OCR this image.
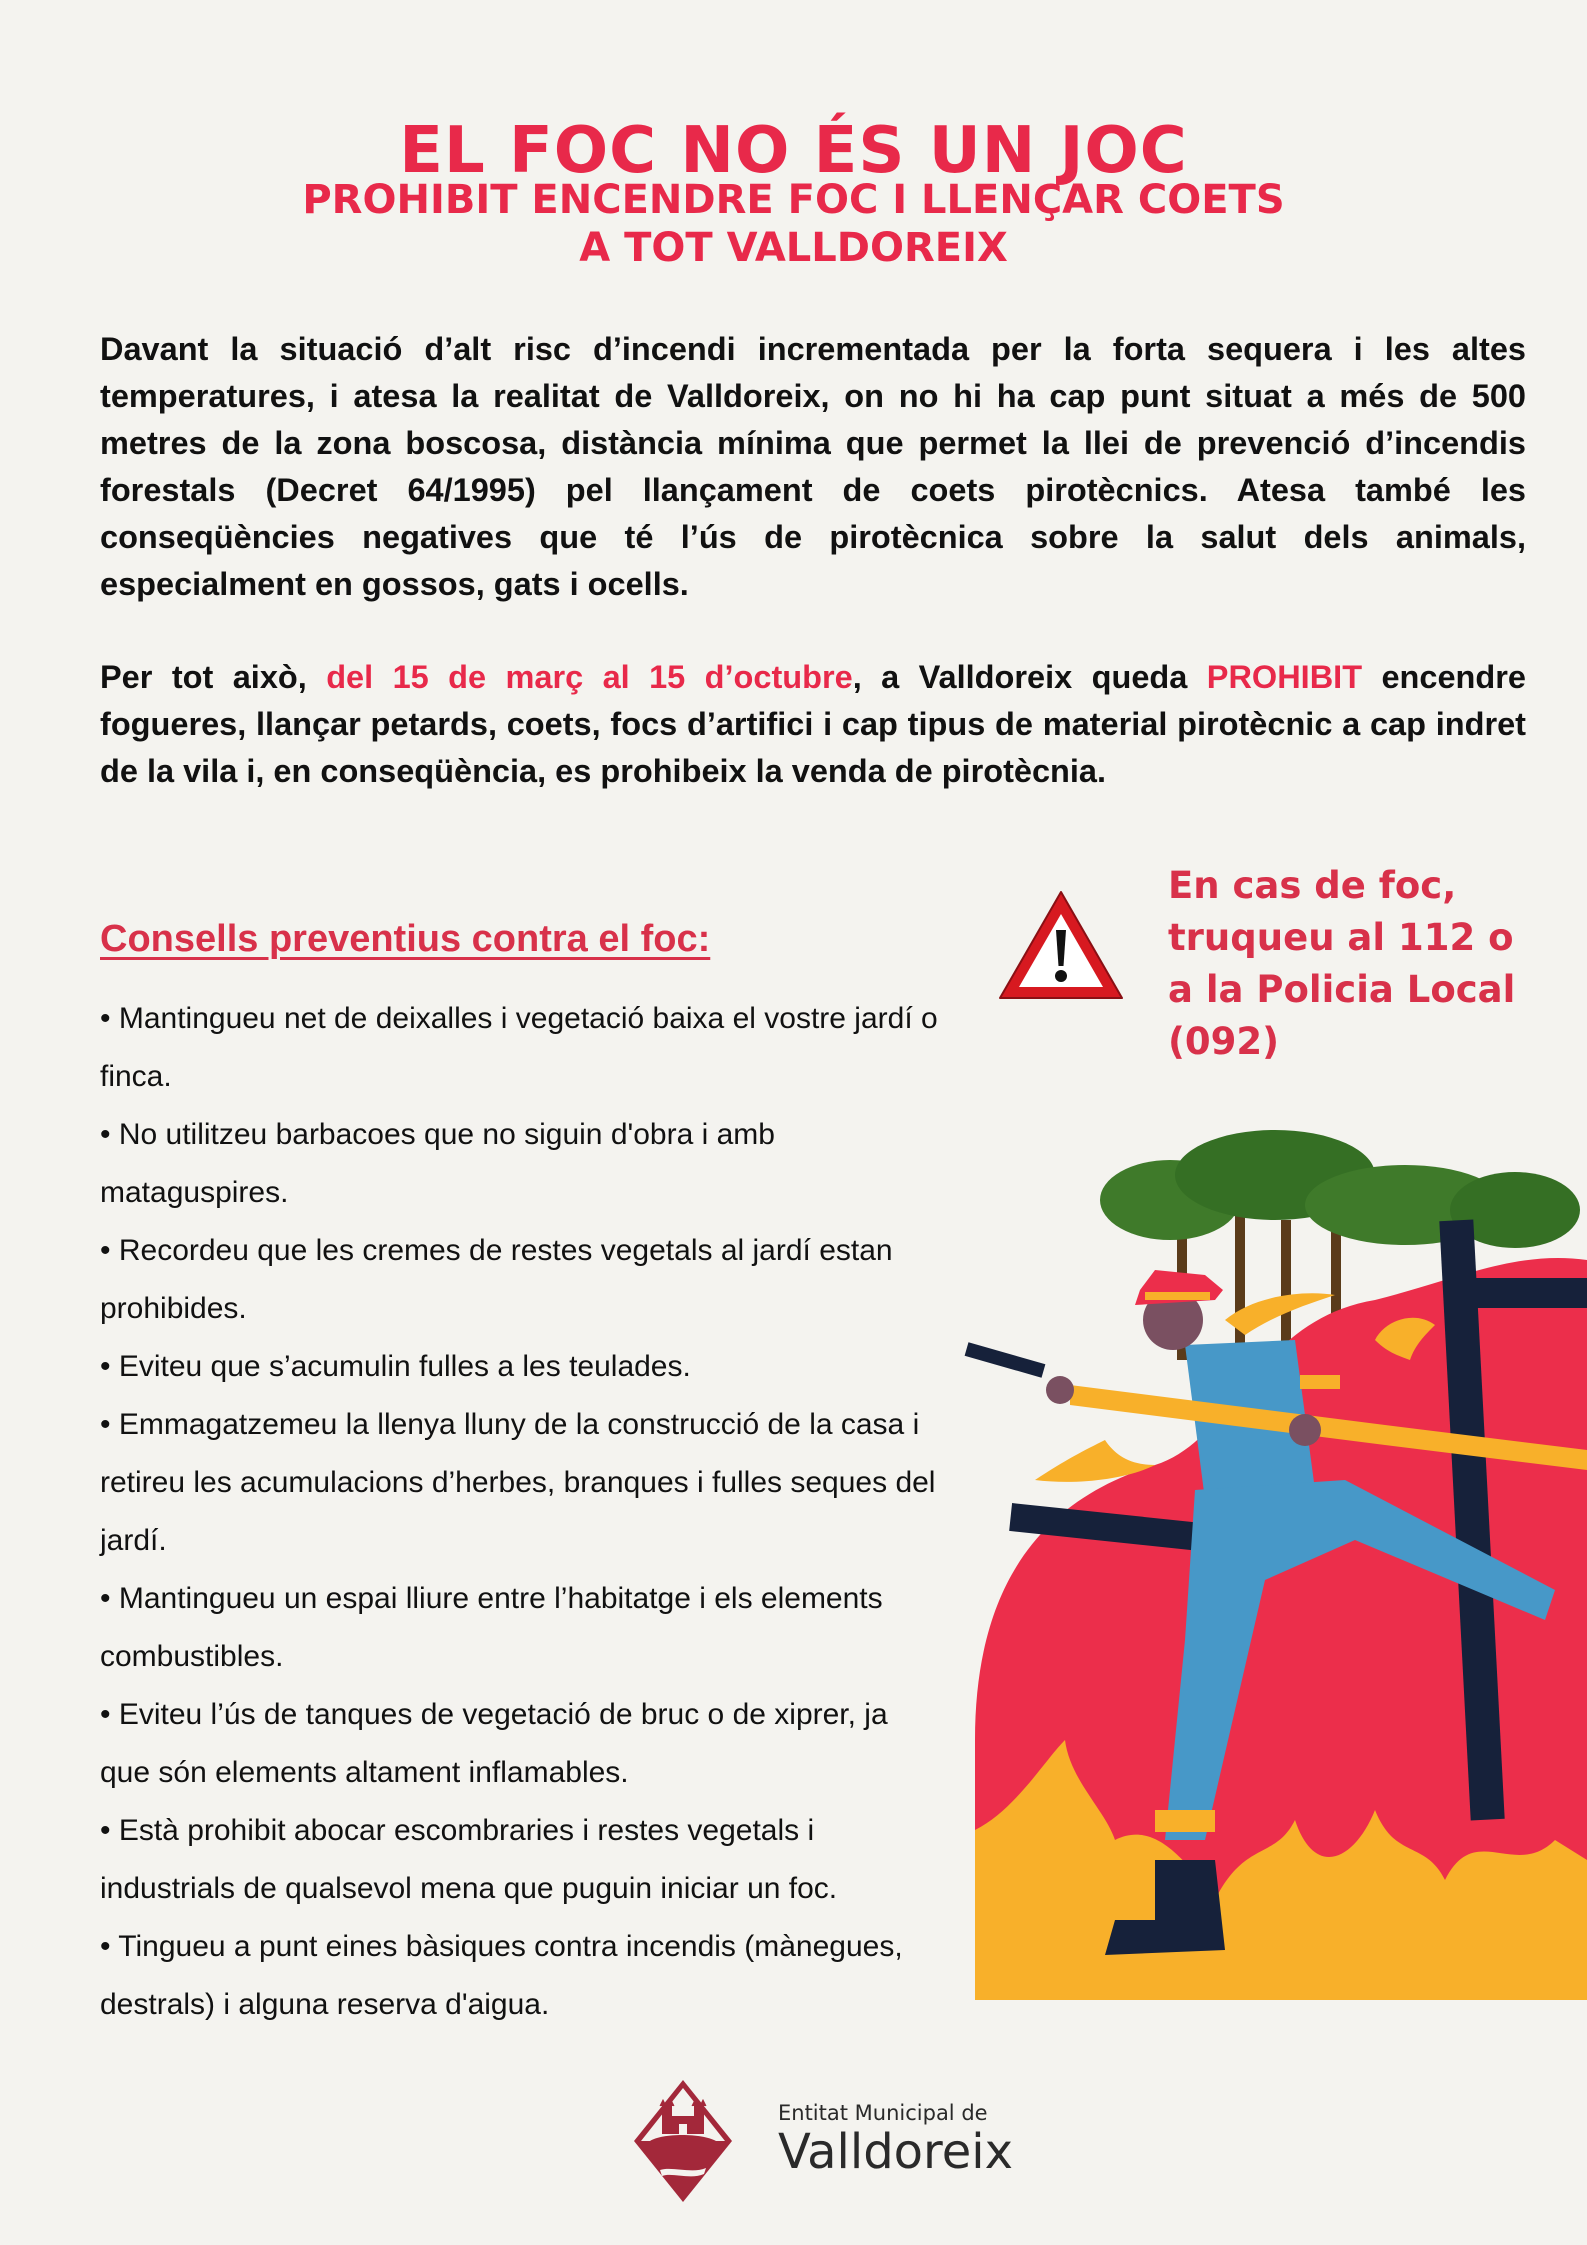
EL FOC NO ÉS UN JOC
PROHIBIT ENCENDRE FOC I LLENÇAR COETS
A TOT VALLDOREIX

Davant la situació d’alt risc d’incendi incrementada per la forta sequera i les altes temperatures, i atesa la realitat de Valldoreix, on no hi ha cap punt situat a més de 500 metres de la zona boscosa, distància mínima que permet la llei de prevenció d’incendis forestals (Decret 64/1995) pel llançament de coets pirotècnics. Atesa també les conseqüències negatives que té l’ús de pirotècnica sobre la salut dels animals, especialment en gossos, gats i ocells.

Per tot això, del 15 de març al 15 d’octubre, a Valldoreix queda PROHIBIT encendre fogueres, llançar petards, coets, focs d’artifici i cap tipus de material pirotècnic a cap indret de la vila i, en conseqüència, es prohibeix la venda de pirotècnia.

Consells preventius contra el foc:
• Mantingueu net de deixalles i vegetació baixa el vostre jardí o finca.
• No utilitzeu barbacoes que no siguin d'obra i amb mataguspires.
• Recordeu que les cremes de restes vegetals al jardí estan prohibides.
• Eviteu que s’acumulin fulles a les teulades.
• Emmagatzemeu la llenya lluny de la construcció de la casa i retireu les acumulacions d’herbes, branques i fulles seques del jardí.
• Mantingueu un espai lliure entre l’habitatge i els elements combustibles.
• Eviteu l’ús de tanques de vegetació de bruc o de xiprer, ja que són elements altament inflamables.
• Està prohibit abocar escombraries i restes vegetals i industrials de qualsevol mena que puguin iniciar un foc.
• Tingueu a punt eines bàsiques contra incendis (mànegues, destrals) i alguna reserva d'aigua.
En cas de foc, truqueu al 112 o a la Policia Local (092)
Entitat Municipal de
Valldoreix
